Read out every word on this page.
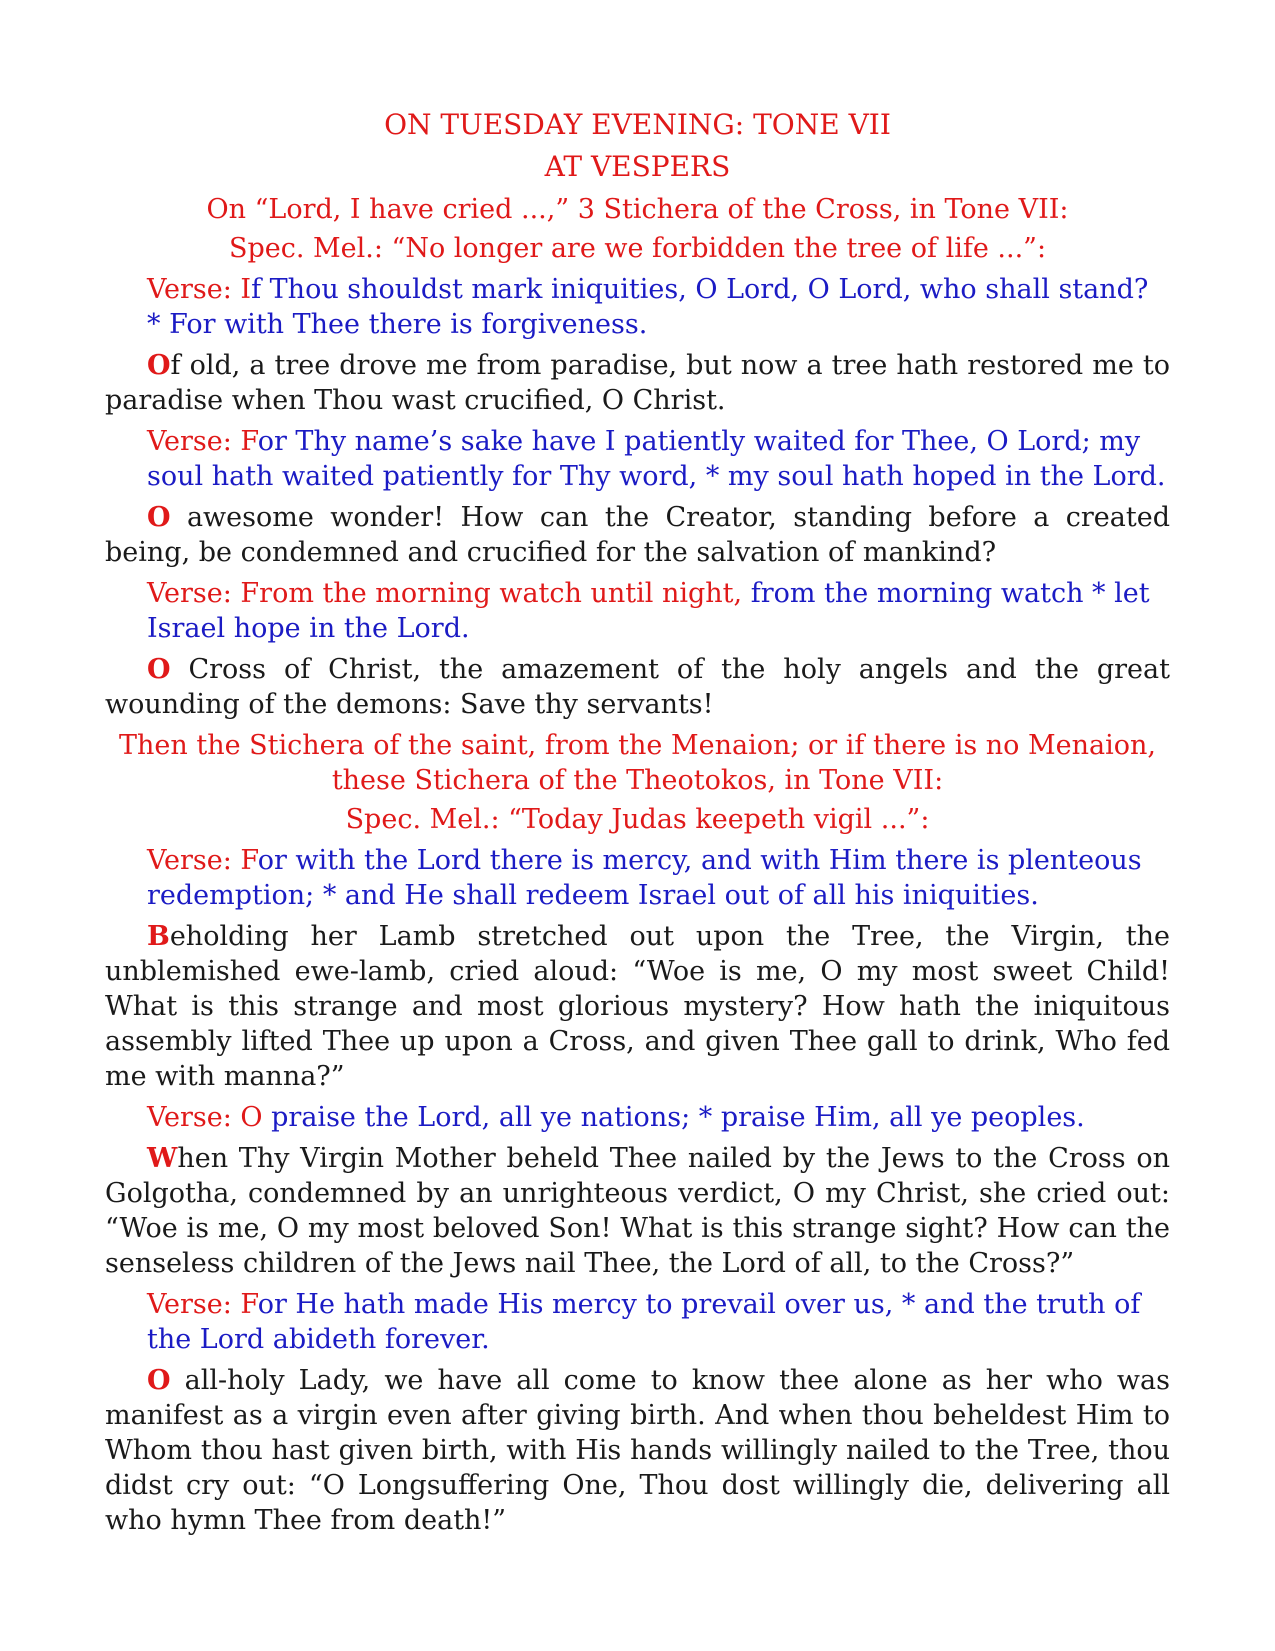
ON TUESDAY EVENING: TONE VII
AT VESPERS
On “Lord, I have cried ...,” 3 Stichera of the Cross, in Tone VII:
Spec. Mel.: “No longer are we forbidden the tree of life ...”:
Verse: If Thou shouldst mark iniquities, O Lord, O Lord, who shall stand? * For with Thee there is forgiveness.
Of old, a tree drove me from paradise, but now a tree hath restored me to paradise when Thou wast crucified, O Christ.
Verse: For Thy name’s sake have I patiently waited for Thee, O Lord; my soul hath waited patiently for Thy word, * my soul hath hoped in the Lord.
O awesome wonder! How can the Creator, standing before a created being, be condemned and crucified for the salvation of mankind?
Verse: From the morning watch until night, from the morning watch * let Israel hope in the Lord.
O Cross of Christ, the amazement of the holy angels and the great wounding of the demons: Save thy servants!
Then the Stichera of the saint, from the Menaion; or if there is no Menaion, these Stichera of the Theotokos, in Tone VII:
Spec. Mel.: “Today Judas keepeth vigil ...”:
Verse: For with the Lord there is mercy, and with Him there is plenteous redemption; * and He shall redeem Israel out of all his iniquities.
Beholding her Lamb stretched out upon the Tree, the Virgin, the unblemished ewe-lamb, cried aloud: “Woe is me, O my most sweet Child! What is this strange and most glorious mystery? How hath the iniquitous assembly lifted Thee up upon a Cross, and given Thee gall to drink, Who fed me with manna?”
Verse: O praise the Lord, all ye nations; * praise Him, all ye peoples.
When Thy Virgin Mother beheld Thee nailed by the Jews to the Cross on Golgotha, condemned by an unrighteous verdict, O my Christ, she cried out: “Woe is me, O my most beloved Son! What is this strange sight? How can the senseless children of the Jews nail Thee, the Lord of all, to the Cross?”
Verse: For He hath made His mercy to prevail over us, * and the truth of the Lord abideth forever.
O all-holy Lady, we have all come to know thee alone as her who was manifest as a virgin even after giving birth. And when thou beheldest Him to Whom thou hast given birth, with His hands willingly nailed to the Tree, thou didst cry out: “O Longsuffering One, Thou dost willingly die, delivering all who hymn Thee from death!”
